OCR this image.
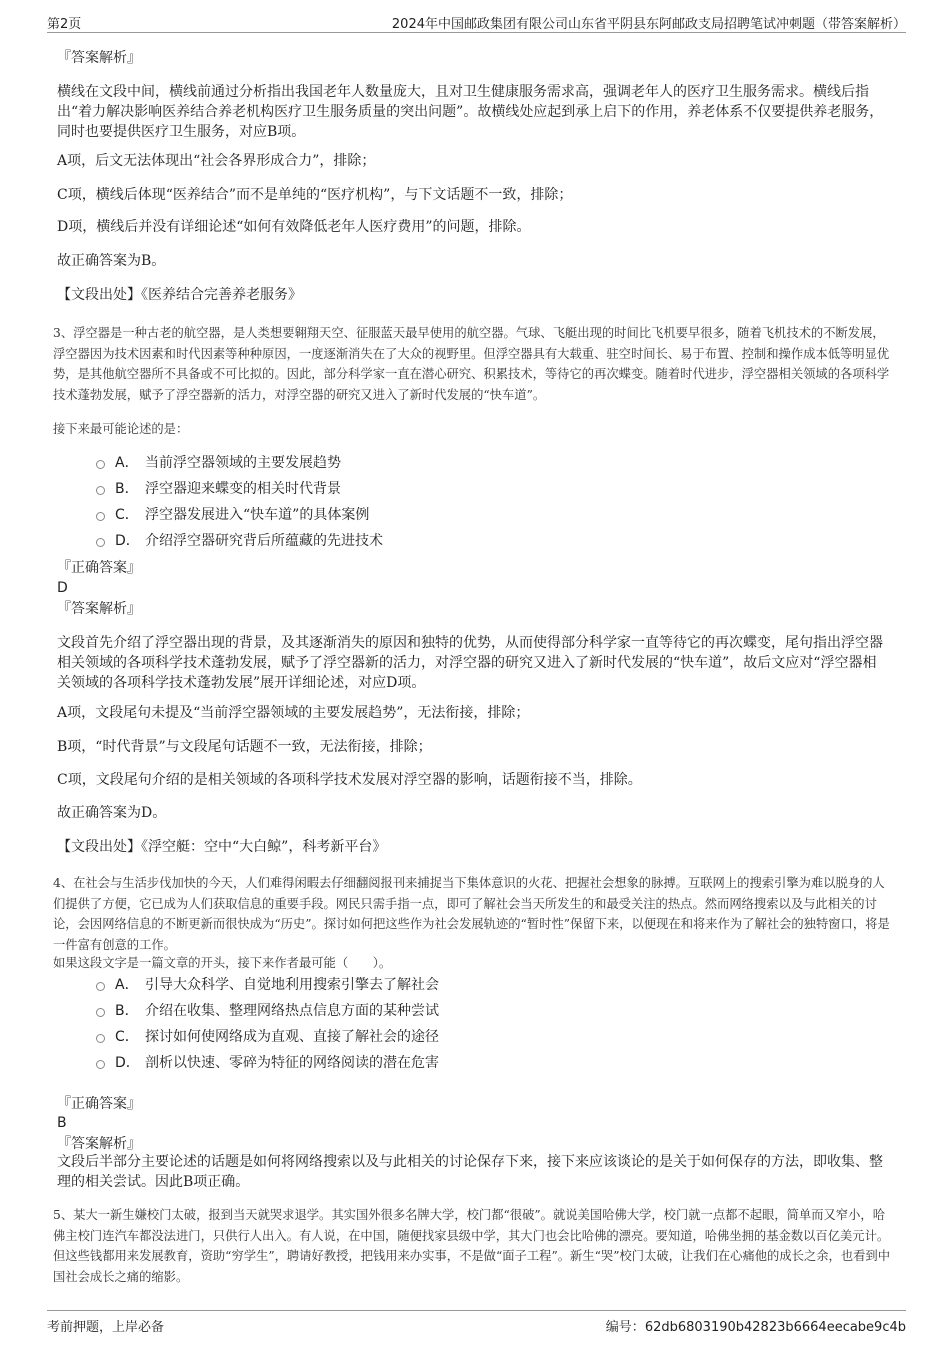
第2页	2024年中国邮政集团有限公司山东省平阴县东阿邮政支局招聘笔试冲刺题（带答案解析）
『答案解析』
横线在文段中间，横线前通过分析指出我国老年人数量庞大，且对卫生健康服务需求高，强调老年人的医疗卫生服务需求。横线后指出“着力解决影响医养结合养老机构医疗卫生服务质量的突出问题”。故横线处应起到承上启下的作用，养老体系不仅要提供养老服务，同时也要提供医疗卫生服务，对应B项。
A项，后文无法体现出“社会各界形成合力”，排除；
C项，横线后体现“医养结合”而不是单纯的“医疗机构”，与下文话题不一致，排除；
D项，横线后并没有详细论述“如何有效降低老年人医疗费用”的问题，排除。
故正确答案为B。
【文段出处】《医养结合完善养老服务》
3、浮空器是一种古老的航空器，是人类想要翱翔天空、征服蓝天最早使用的航空器。气球、飞艇出现的时间比飞机要早很多，随着飞机技术的不断发展，浮空器因为技术因素和时代因素等种种原因，一度逐渐消失在了大众的视野里。但浮空器具有大载重、驻空时间长、易于布置、控制和操作成本低等明显优势，是其他航空器所不具备或不可比拟的。因此，部分科学家一直在潜心研究、积累技术，等待它的再次蝶变。随着时代进步，浮空器相关领域的各项科学技术蓬勃发展，赋予了浮空器新的活力，对浮空器的研究又进入了新时代发展的“快车道”。
接下来最可能论述的是：
A． 当前浮空器领域的主要发展趋势
B． 浮空器迎来蝶变的相关时代背景
C． 浮空器发展进入“快车道”的具体案例
D． 介绍浮空器研究背后所蕴藏的先进技术
『正确答案』
D
『答案解析』
文段首先介绍了浮空器出现的背景，及其逐渐消失的原因和独特的优势，从而使得部分科学家一直等待它的再次蝶变，尾句指出浮空器相关领域的各项科学技术蓬勃发展，赋予了浮空器新的活力，对浮空器的研究又进入了新时代发展的“快车道”，故后文应对“浮空器相关领域的各项科学技术蓬勃发展”展开详细论述，对应D项。
A项，文段尾句未提及“当前浮空器领域的主要发展趋势”，无法衔接，排除；
B项，“时代背景”与文段尾句话题不一致，无法衔接，排除；
C项，文段尾句介绍的是相关领域的各项科学技术发展对浮空器的影响，话题衔接不当，排除。
故正确答案为D。
【文段出处】《浮空艇：空中“大白鲸”，科考新平台》
4、在社会与生活步伐加快的今天，人们难得闲暇去仔细翻阅报刊来捕捉当下集体意识的火花、把握社会想象的脉搏。互联网上的搜索引擎为难以脱身的人们提供了方便，它已成为人们获取信息的重要手段。网民只需手指一点，即可了解社会当天所发生的和最受关注的热点。然而网络搜索以及与此相关的讨论，会因网络信息的不断更新而很快成为“历史”。探讨如何把这些作为社会发展轨迹的“暂时性”保留下来，以便现在和将来作为了解社会的独特窗口，将是一件富有创意的工作。
如果这段文字是一篇文章的开头，接下来作者最可能（　　）。
A． 引导大众科学、自觉地利用搜索引擎去了解社会
B． 介绍在收集、整理网络热点信息方面的某种尝试
C． 探讨如何使网络成为直观、直接了解社会的途径
D． 剖析以快速、零碎为特征的网络阅读的潜在危害
『正确答案』
B
『答案解析』
文段后半部分主要论述的话题是如何将网络搜索以及与此相关的讨论保存下来，接下来应该谈论的是关于如何保存的方法，即收集、整理的相关尝试。因此B项正确。
5、某大一新生嫌校门太破，报到当天就哭求退学。其实国外很多名牌大学，校门都“很破”。就说美国哈佛大学，校门就一点都不起眼，简单而又窄小，哈佛主校门连汽车都没法进门，只供行人出入。有人说，在中国，随便找家县级中学，其大门也会比哈佛的漂亮。要知道，哈佛坐拥的基金数以百亿美元计。但这些钱都用来发展教育，资助“穷学生”，聘请好教授，把钱用来办实事，不是做“面子工程”。新生“哭”校门太破，让我们在心痛他的成长之余，也看到中国社会成长之痛的缩影。
考前押题，上岸必备	编号：62db6803190b42823b6664eecabe9c4b
